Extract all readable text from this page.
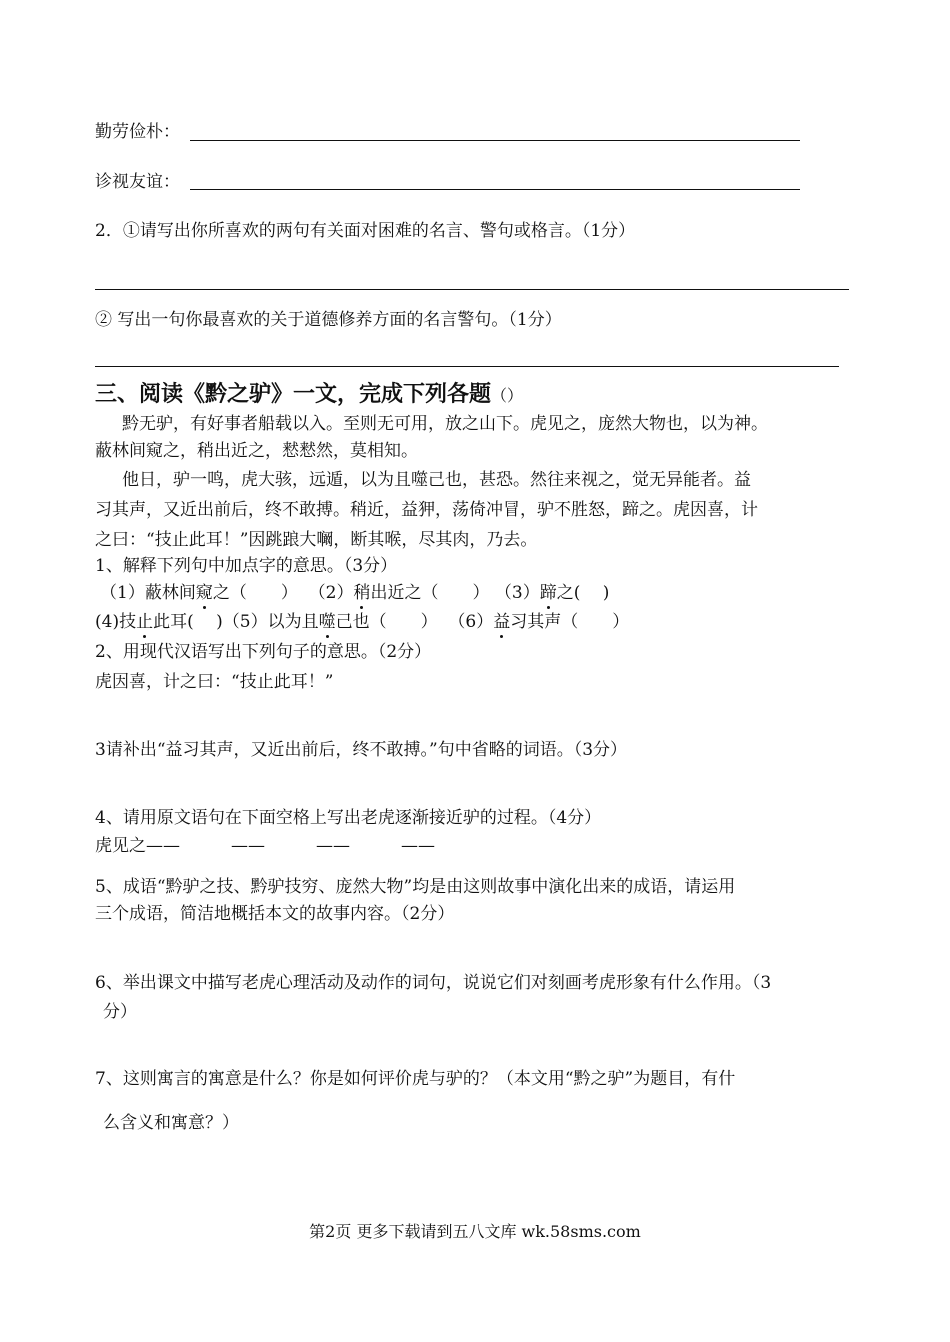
勤劳俭朴：
诊视友谊：
2．①请写出你所喜欢的两句有关面对困难的名言、警句或格言。（1分）
② 写出一句你最喜欢的关于道德修养方面的名言警句。（1分）
三、阅读《黔之驴》一文，完成下列各题（）
黔无驴，有好事者船载以入。至则无可用，放之山下。虎见之，庞然大物也，以为神。
蔽林间窥之，稍出近之，慭慭然，莫相知。
他日，驴一鸣，虎大骇，远遁，以为且噬己也，甚恐。然往来视之，觉无异能者。益
习其声，又近出前后，终不敢搏。稍近，益狎，荡倚冲冒，驴不胜怒，蹄之。虎因喜，计
之曰：“技止此耳！”因跳踉大㘎，断其喉，尽其肉，乃去。
1、解释下列句中加点字的意思。（3分）
（1）蔽林间窥之（　　） （2）稍出近之（　　） （3）蹄之(　 )
(4)技止此耳(　 )（5）以为且噬己也（　　） （6）益习其声（　　）
2、用现代汉语写出下列句子的意思。（2分）
虎因喜，计之曰：“技止此耳！”
3请补出“益习其声，又近出前后，终不敢搏。”句中省略的词语。（3分）
4、请用原文语句在下面空格上写出老虎逐渐接近驴的过程。（4分）
虎见之——　　　——　　　——　　　——
5、成语“黔驴之技、黔驴技穷、庞然大物”均是由这则故事中演化出来的成语，请运用
三个成语，简洁地概括本文的故事内容。（2分）
6、举出课文中描写老虎心理活动及动作的词句，说说它们对刻画考虎形象有什么作用。（3
分）
7、这则寓言的寓意是什么？你是如何评价虎与驴的？（本文用“黔之驴”为题目，有什
么含义和寓意？）
第2页 更多下载请到五八文库 wk.58sms.com
